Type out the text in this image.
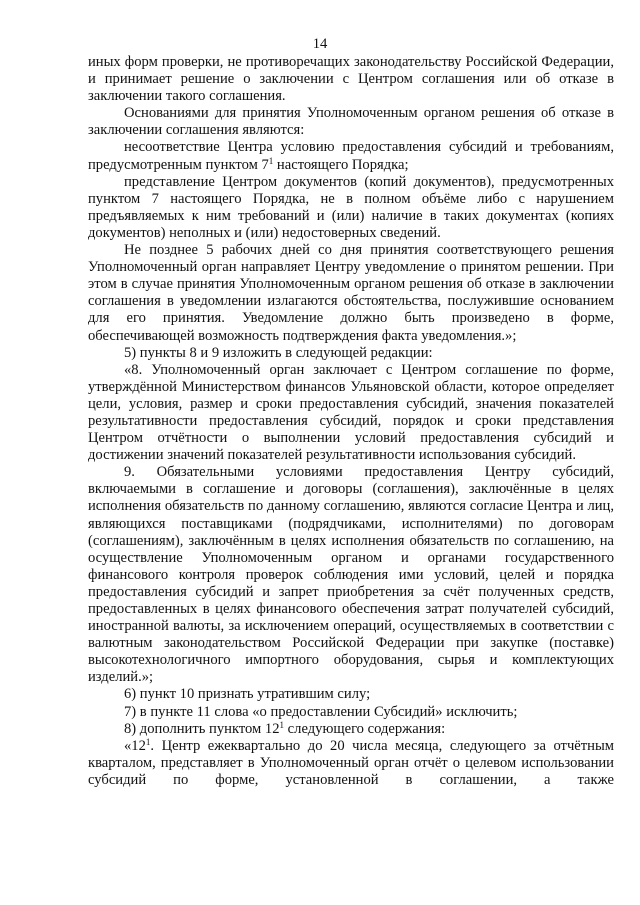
14

иных форм проверки, не противоречащих законодательству Российской Федерации, и принимает решение о заключении с Центром соглашения или об отказе в заключении такого соглашения.

Основаниями для принятия Уполномоченным органом решения об отказе в заключении соглашения являются:

несоответствие Центра условию предоставления субсидий и требованиям, предусмотренным пунктом $7^1$ настоящего Порядка;

представление Центром документов (копий документов), предусмотренных пунктом 7 настоящего Порядка, не в полном объёме либо с нарушением предъявляемых к ним требований и (или) наличие в таких документах (копиях документов) неполных и (или) недостоверных сведений.

Не позднее 5 рабочих дней со дня принятия соответствующего решения Уполномоченный орган направляет Центру уведомление о принятом решении. При этом в случае принятия Уполномоченным органом решения об отказе в заключении соглашения в уведомлении излагаются обстоятельства, послужившие основанием для его принятия. Уведомление должно быть произведено в форме, обеспечивающей возможность подтверждения факта уведомления.»;

5) пункты 8 и 9 изложить в следующей редакции:

«8. Уполномоченный орган заключает с Центром соглашение по форме, утверждённой Министерством финансов Ульяновской области, которое определяет цели, условия, размер и сроки предоставления субсидий, значения показателей результативности предоставления субсидий, порядок и сроки представления Центром отчётности о выполнении условий предоставления субсидий и достижении значений показателей результативности использования субсидий.

9. Обязательными условиями предоставления Центру субсидий, включаемыми в соглашение и договоры (соглашения), заключённые в целях исполнения обязательств по данному соглашению, являются согласие Центра и лиц, являющихся поставщиками (подрядчиками, исполнителями) по договорам (соглашениям), заключённым в целях исполнения обязательств по соглашению, на осуществление Уполномоченным органом и органами государственного финансового контроля проверок соблюдения ими условий, целей и порядка предоставления субсидий и запрет приобретения за счёт полученных средств, предоставленных в целях финансового обеспечения затрат получателей субсидий, иностранной валюты, за исключением операций, осуществляемых в соответствии с валютным законодательством Российской Федерации при закупке (поставке) высокотехнологичного импортного оборудования, сырья и комплектующих изделий.»;

6) пункт 10 признать утратившим силу;

7) в пункте 11 слова «о предоставлении Субсидий» исключить;

8) дополнить пунктом $12^1$ следующего содержания:

«$12^1$. Центр ежеквартально до 20 числа месяца, следующего за отчётным кварталом, представляет в Уполномоченный орган отчёт о целевом использовании субсидий по форме, установленной в соглашении, а также
